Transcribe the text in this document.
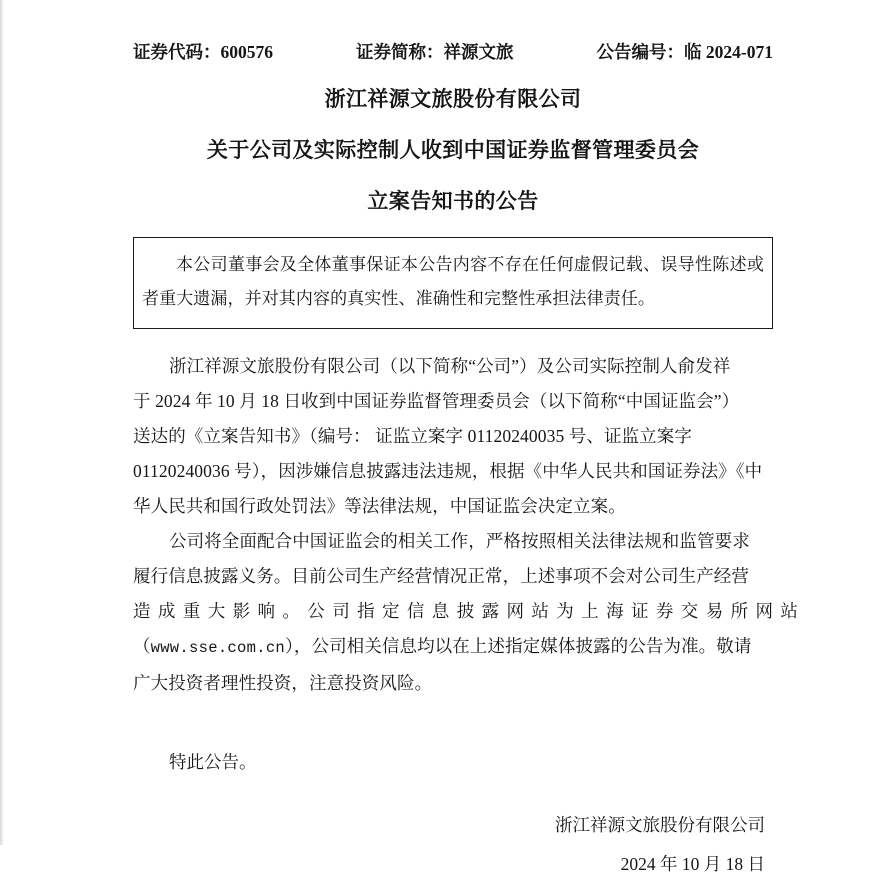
证券代码：600576	证券简称：祥源文旅	公告编号：临 2024-071
浙江祥源文旅股份有限公司
关于公司及实际控制人收到中国证券监督管理委员会
立案告知书的公告
本公司董事会及全体董事保证本公告内容不存在任何虚假记载、误导性陈述或者重大遗漏，并对其内容的真实性、准确性和完整性承担法律责任。
浙江祥源文旅股份有限公司（以下简称“公司”）及公司实际控制人俞发祥
于 2024 年 10 月 18 日收到中国证券监督管理委员会（以下简称“中国证监会”）
送达的《立案告知书》（编号： 证监立案字 01120240035 号、证监立案字
01120240036 号），因涉嫌信息披露违法违规，根据《中华人民共和国证券法》《中
华人民共和国行政处罚法》等法律法规，中国证监会决定立案。
公司将全面配合中国证监会的相关工作，严格按照相关法律法规和监管要求
履行信息披露义务。目前公司生产经营情况正常，上述事项不会对公司生产经营
造成重大影响。公司指定信息披露网站为上海证券交易所网站
（www.sse.com.cn），公司相关信息均以在上述指定媒体披露的公告为准。敬请
广大投资者理性投资，注意投资风险。
特此公告。
浙江祥源文旅股份有限公司
2024 年 10 月 18 日
